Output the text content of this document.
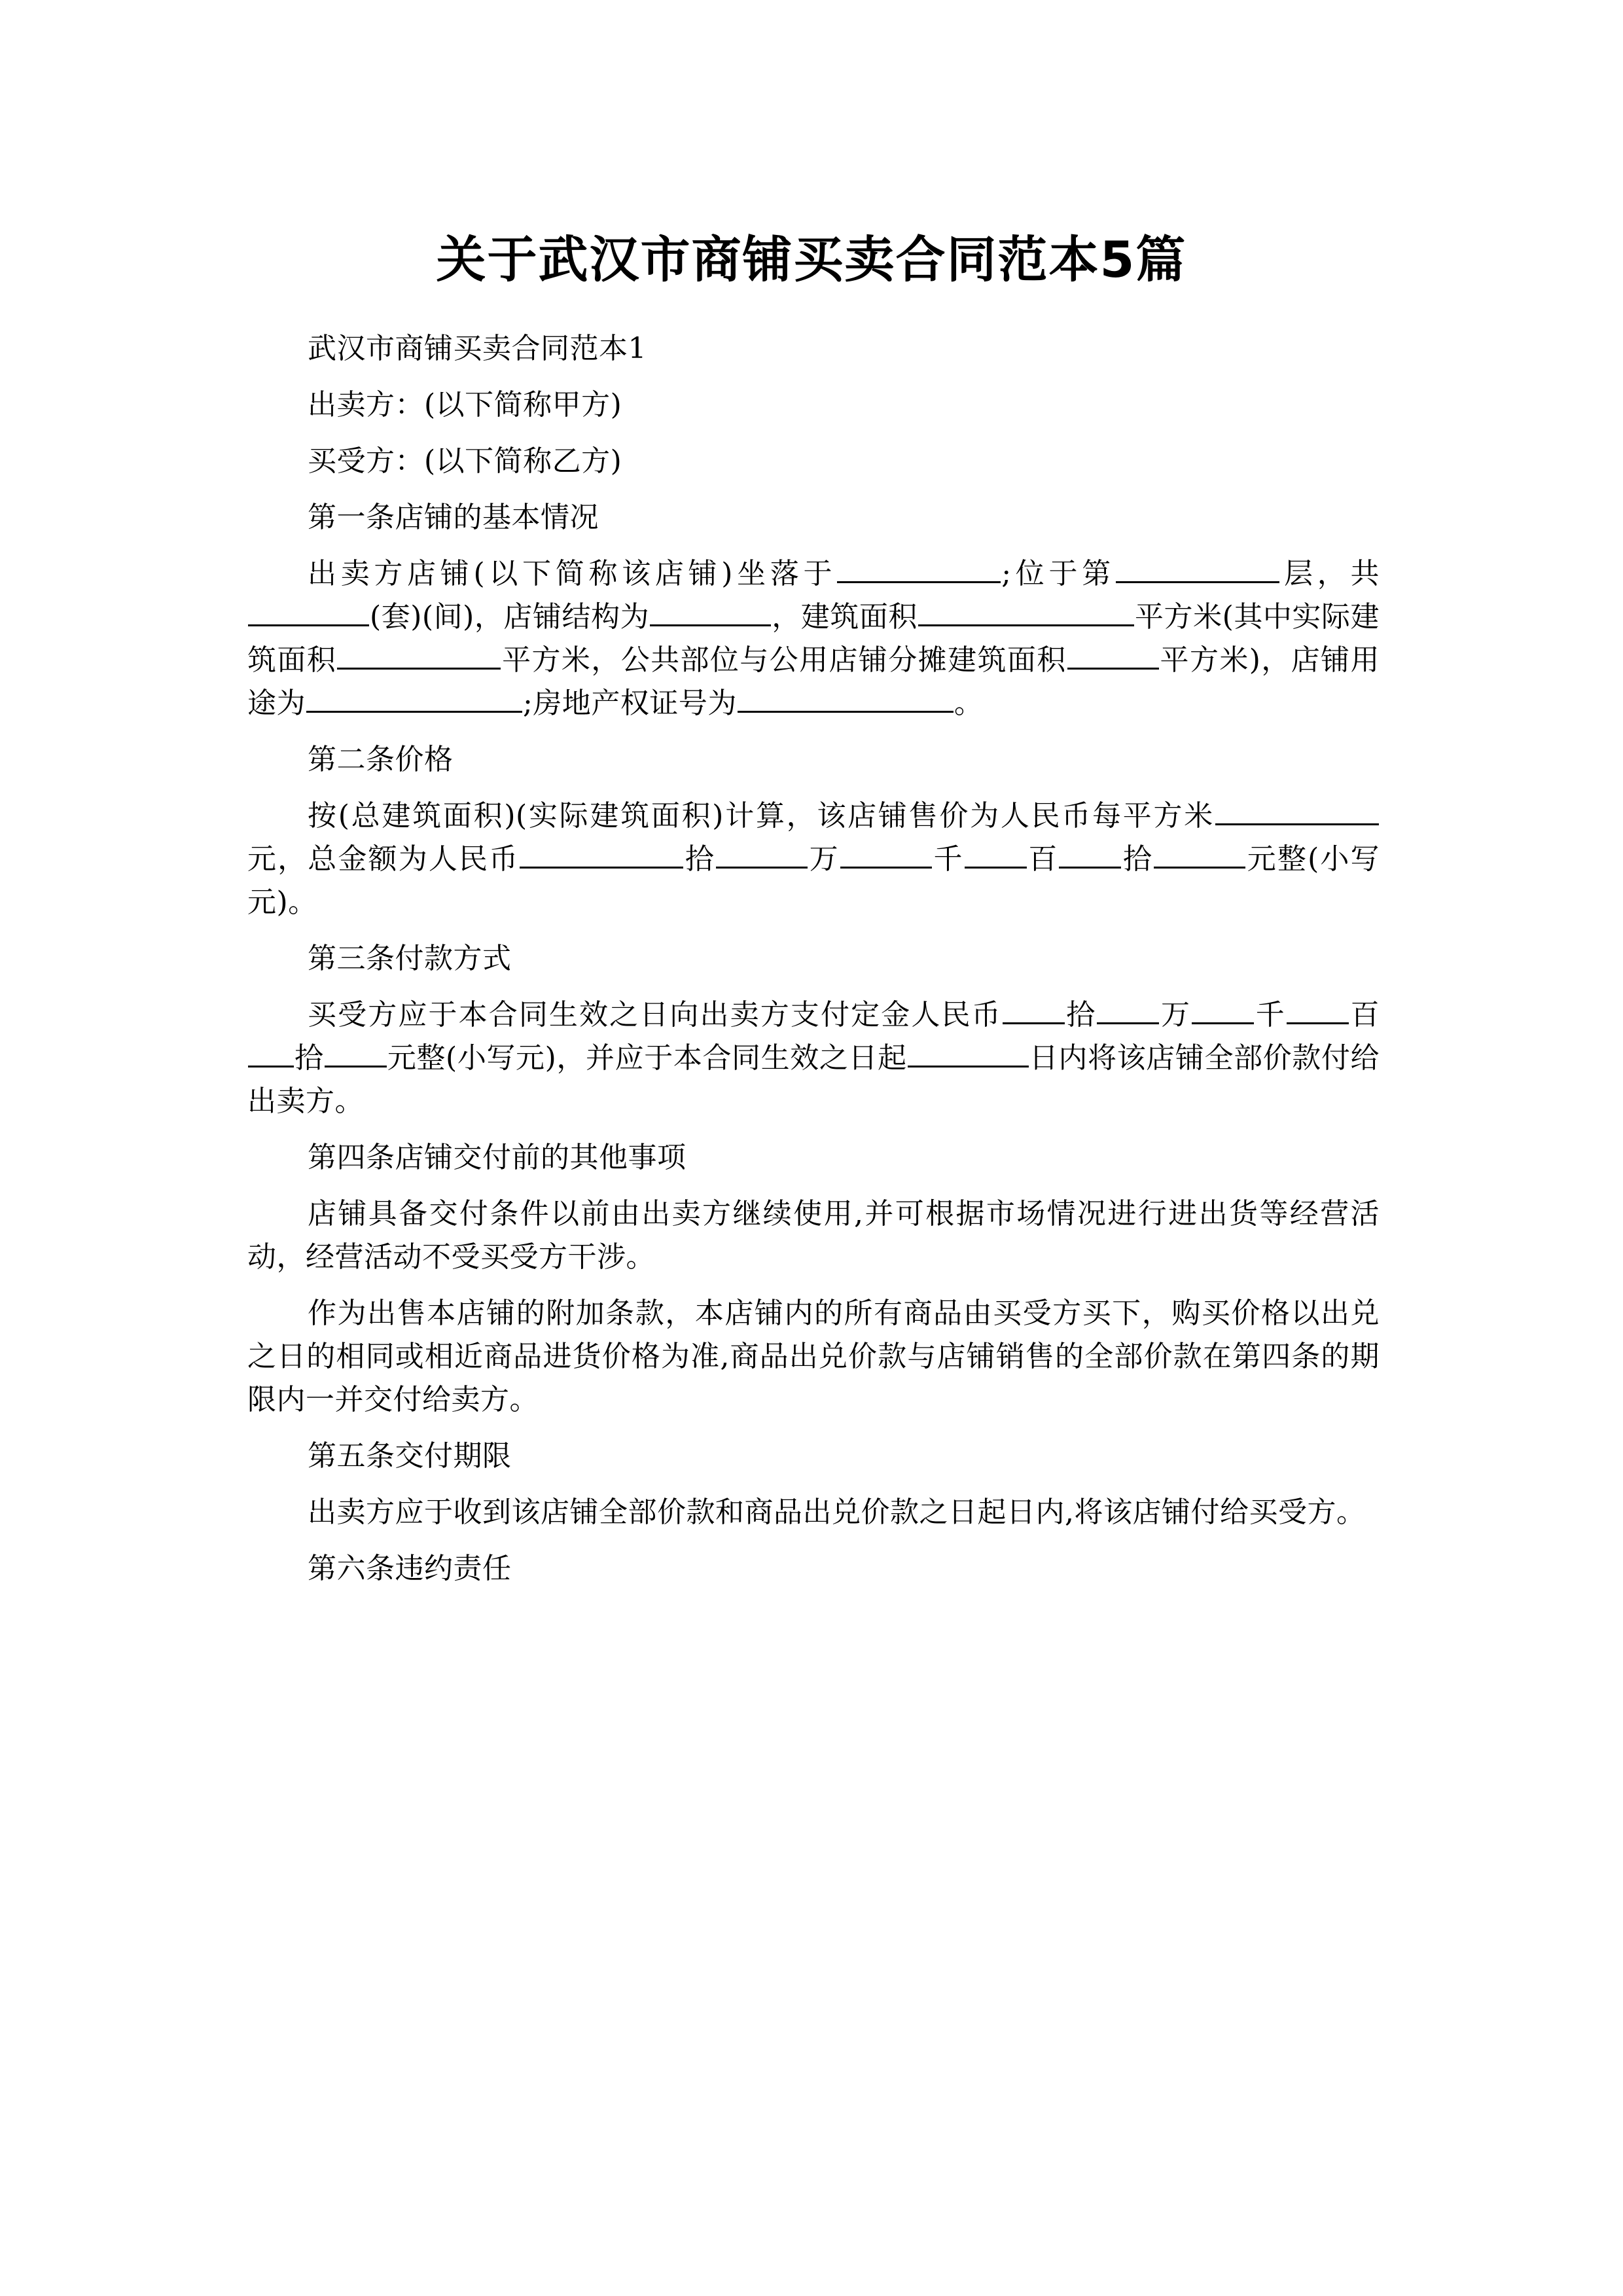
关于武汉市商铺买卖合同范本5篇

武汉市商铺买卖合同范本1

出卖方：(以下简称甲方)

买受方：(以下简称乙方)

第一条店铺的基本情况

出卖方店铺(以下简称该店铺)坐落于	;位于第	层，共(套)(间)，店铺结构为	，建筑面积	平方米(其中实际建筑面积	平方米，公共部位与公用店铺分摊建筑面积	平方米)，店铺用途为	;房地产权证号为	。

第二条价格

按(总建筑面积)(实际建筑面积)计算，该店铺售价为人民币每平方米元，总金额为人民币	拾	万	千 百 拾	元整(小写元)。

第三条付款方式

买受方应于本合同生效之日向出卖方支付定金人民币 拾 万 千 百拾 元整(小写元)，并应于本合同生效之日起	日内将该店铺全部价款付给出卖方。

第四条店铺交付前的其他事项

店铺具备交付条件以前由出卖方继续使用,并可根据市场情况进行进出货等经营活动，经营活动不受买受方干涉。

作为出售本店铺的附加条款，本店铺内的所有商品由买受方买下，购买价格以出兑之日的相同或相近商品进货价格为准,商品出兑价款与店铺销售的全部价款在第四条的期限内一并交付给卖方。

第五条交付期限

出卖方应于收到该店铺全部价款和商品出兑价款之日起日内,将该店铺付给买受方。

第六条违约责任
